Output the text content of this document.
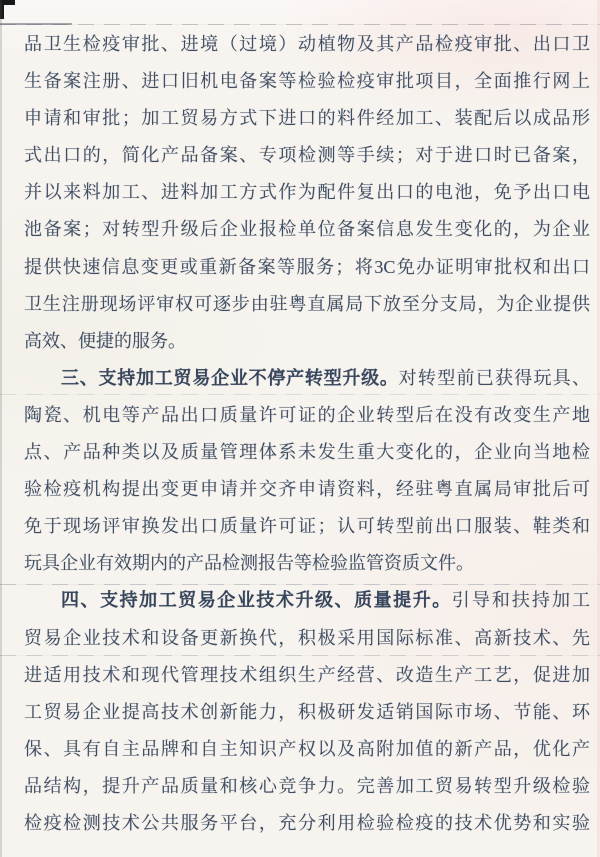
品卫生检疫审批、进境（过境）动植物及其产品检疫审批、出口卫
生备案注册、进口旧机电备案等检验检疫审批项目，全面推行网上
申请和审批；加工贸易方式下进口的料件经加工、装配后以成品形
式出口的，简化产品备案、专项检测等手续；对于进口时已备案，
并以来料加工、进料加工方式作为配件复出口的电池，免予出口电
池备案；对转型升级后企业报检单位备案信息发生变化的，为企业
提供快速信息变更或重新备案等服务；将3C免办证明审批权和出口
卫生注册现场评审权可逐步由驻粤直属局下放至分支局，为企业提供
高效、便捷的服务。
三、支持加工贸易企业不停产转型升级。对转型前已获得玩具、
陶瓷、机电等产品出口质量许可证的企业转型后在没有改变生产地
点、产品种类以及质量管理体系未发生重大变化的，企业向当地检
验检疫机构提出变更申请并交齐申请资料，经驻粤直属局审批后可
免于现场评审换发出口质量许可证；认可转型前出口服装、鞋类和
玩具企业有效期内的产品检测报告等检验监管资质文件。
四、支持加工贸易企业技术升级、质量提升。引导和扶持加工
贸易企业技术和设备更新换代，积极采用国际标准、高新技术、先
进适用技术和现代管理技术组织生产经营、改造生产工艺，促进加
工贸易企业提高技术创新能力，积极研发适销国际市场、节能、环
保、具有自主品牌和自主知识产权以及高附加值的新产品，优化产
品结构，提升产品质量和核心竞争力。完善加工贸易转型升级检验
检疫检测技术公共服务平台，充分利用检验检疫的技术优势和实验
